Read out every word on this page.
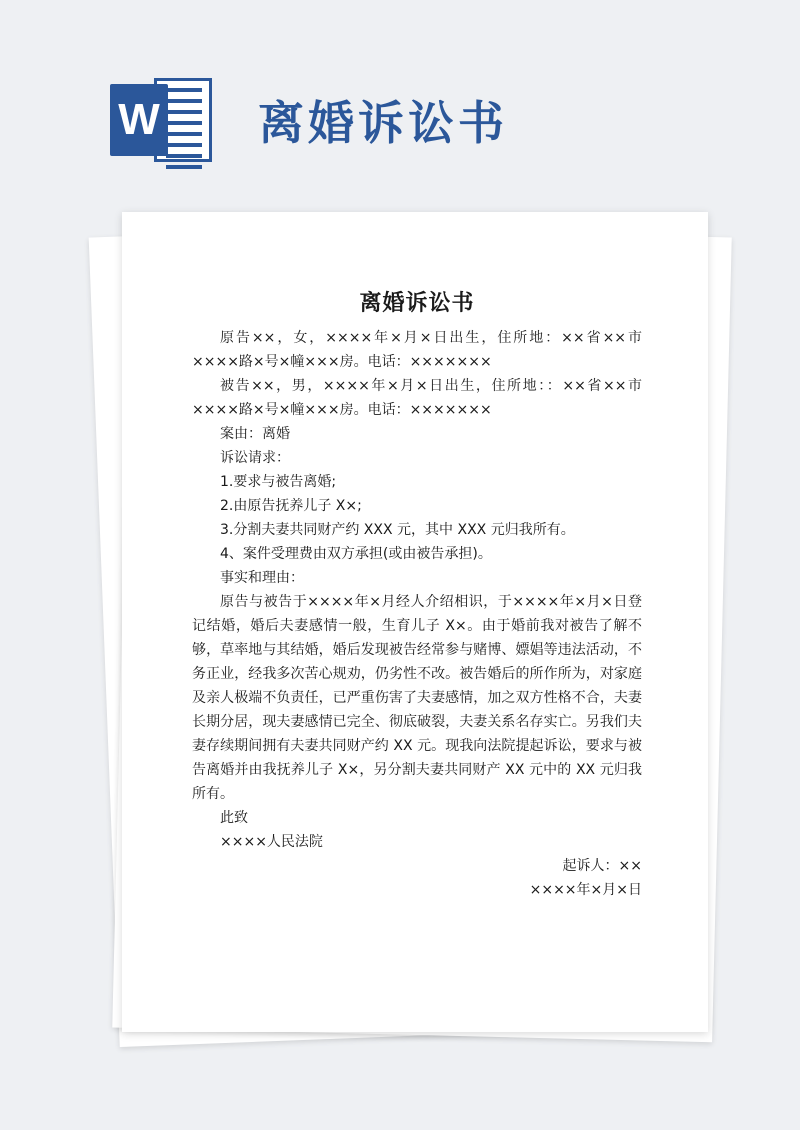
W 离婚诉讼书
离婚诉讼书

原告××，女，××××年×月×日出生，住所地：××省××市××××路×号×幢×××房。电话：×××××××

被告××，男，××××年×月×日出生，住所地：：××省××市××××路×号×幢×××房。电话：×××××××

案由：离婚

诉讼请求：

1.要求与被告离婚;

2.由原告抚养儿子 X×;

3.分割夫妻共同财产约 XXX 元，其中 XXX 元归我所有。

4、案件受理费由双方承担(或由被告承担)。

事实和理由：

原告与被告于××××年×月经人介绍相识，于××××年×月×日登记结婚，婚后夫妻感情一般，生育儿子 X×。由于婚前我对被告了解不够，草率地与其结婚，婚后发现被告经常参与赌博、嫖娼等违法活动，不务正业，经我多次苦心规劝，仍劣性不改。被告婚后的所作所为，对家庭及亲人极端不负责任，已严重伤害了夫妻感情，加之双方性格不合，夫妻长期分居，现夫妻感情已完全、彻底破裂，夫妻关系名存实亡。另我们夫妻存续期间拥有夫妻共同财产约 XX 元。现我向法院提起诉讼，要求与被告离婚并由我抚养儿子 X×，另分割夫妻共同财产 XX 元中的 XX 元归我所有。

此致

××××人民法院

起诉人：××

××××年×月×日
